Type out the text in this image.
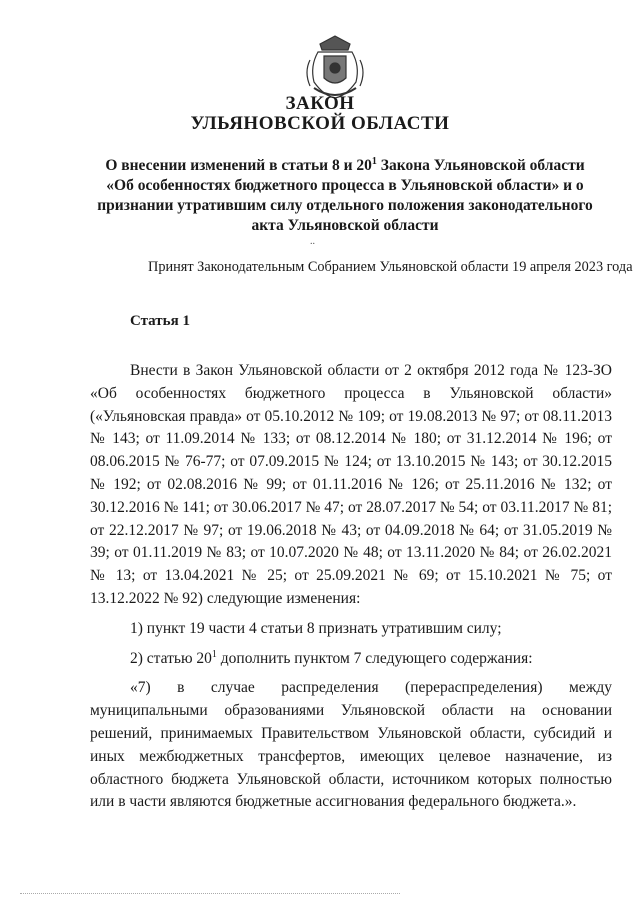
ЗАКОН
УЛЬЯНОВСКОЙ ОБЛАСТИ
О внесении изменений в статьи 8 и $20^1$ Закона Ульяновской области «Об особенностях бюджетного процесса в Ульяновской области» и о признании утратившим силу отдельного положения законодательного акта Ульяновской области
..
Принят Законодательным Собранием Ульяновской области 19 апреля 2023 года
Статья 1

Внести в Закон Ульяновской области от 2 октября 2012 года № 123-ЗО «Об особенностях бюджетного процесса в Ульяновской области» («Ульяновская правда» от 05.10.2012 № 109; от 19.08.2013 № 97; от 08.11.2013 № 143; от 11.09.2014 № 133; от 08.12.2014 № 180; от 31.12.2014 № 196; от 08.06.2015 № 76-77; от 07.09.2015 № 124; от 13.10.2015 № 143; от 30.12.2015 № 192; от 02.08.2016 № 99; от 01.11.2016 № 126; от 25.11.2016 № 132; от 30.12.2016 № 141; от 30.06.2017 № 47; от 28.07.2017 № 54; от 03.11.2017 № 81; от 22.12.2017 № 97; от 19.06.2018 № 43; от 04.09.2018 № 64; от 31.05.2019 № 39; от 01.11.2019 № 83; от 10.07.2020 № 48; от 13.11.2020 № 84; от 26.02.2021 № 13; от 13.04.2021 № 25; от 25.09.2021 № 69; от 15.10.2021 № 75; от 13.12.2022 № 92) следующие изменения:

1) пункт 19 части 4 статьи 8 признать утратившим силу;

2) статью $20^1$ дополнить пунктом 7 следующего содержания:

«7) в случае распределения (перераспределения) между муниципальными образованиями Ульяновской области на основании решений, принимаемых Правительством Ульяновской области, субсидий и иных межбюджетных трансфертов, имеющих целевое назначение, из областного бюджета Ульяновской области, источником которых полностью или в части являются бюджетные ассигнования федерального бюджета.».
